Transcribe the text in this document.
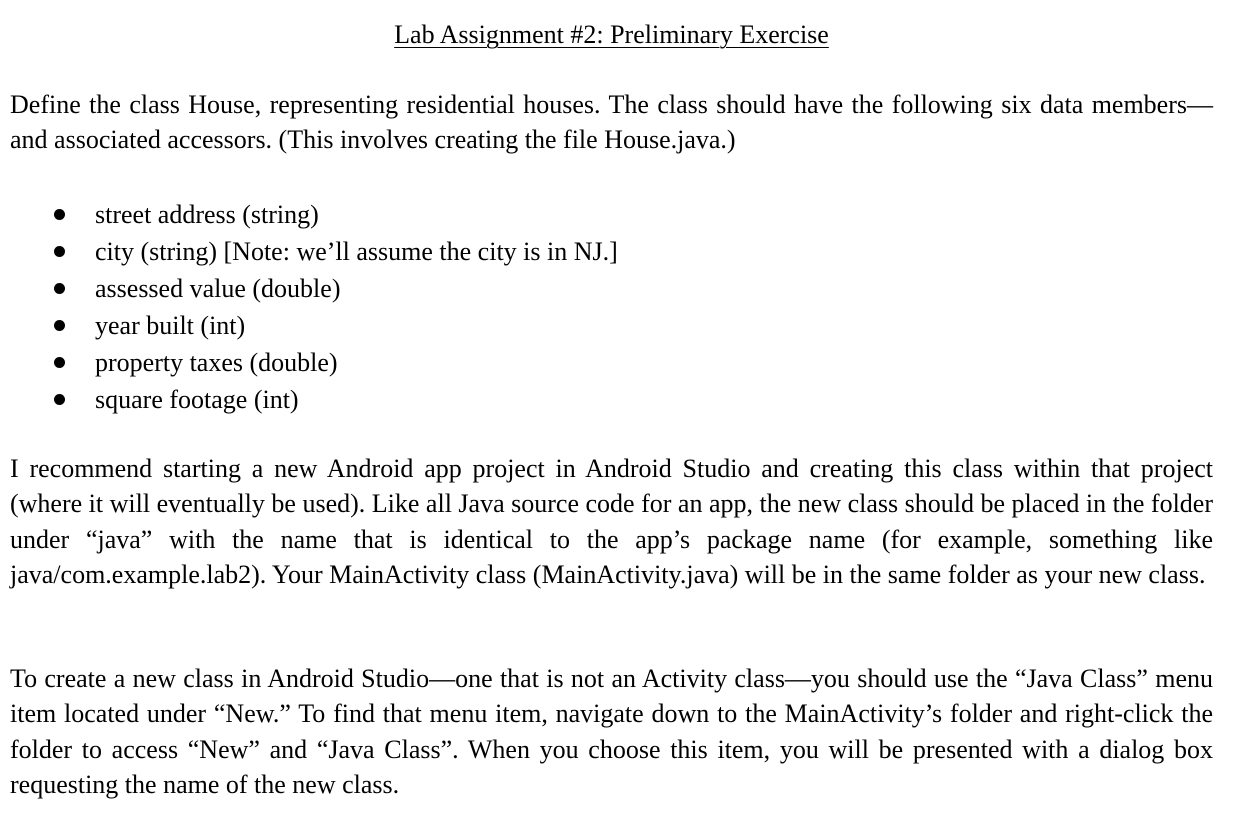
Lab Assignment #2: Preliminary Exercise

Define the class House, representing residential houses. The class should have the following six data members—and associated accessors. (This involves creating the file House.java.)

street address (string)
city (string) [Note: we’ll assume the city is in NJ.]
assessed value (double)
year built (int)
property taxes (double)
square footage (int)

I recommend starting a new Android app project in Android Studio and creating this class within that project (where it will eventually be used). Like all Java source code for an app, the new class should be placed in the folder under “java” with the name that is identical to the app’s package name (for example, something like java/com.example.lab2). Your MainActivity class (MainActivity.java) will be in the same folder as your new class.

To create a new class in Android Studio—one that is not an Activity class—you should use the “Java Class” menu item located under “New.” To find that menu item, navigate down to the MainActivity’s folder and right-click the folder to access “New” and “Java Class”. When you choose this item, you will be presented with a dialog box requesting the name of the new class.
